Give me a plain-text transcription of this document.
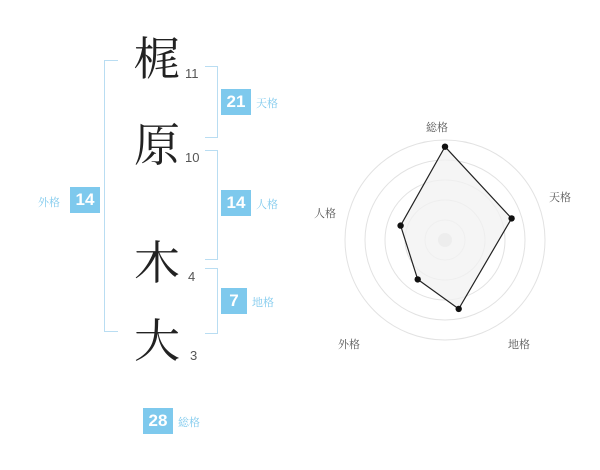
外格 14
梶 11
21 天格
原 10
14 人格
木 4
7	地格
大 3
28 総格
総格
天格
地格
外格
人格
